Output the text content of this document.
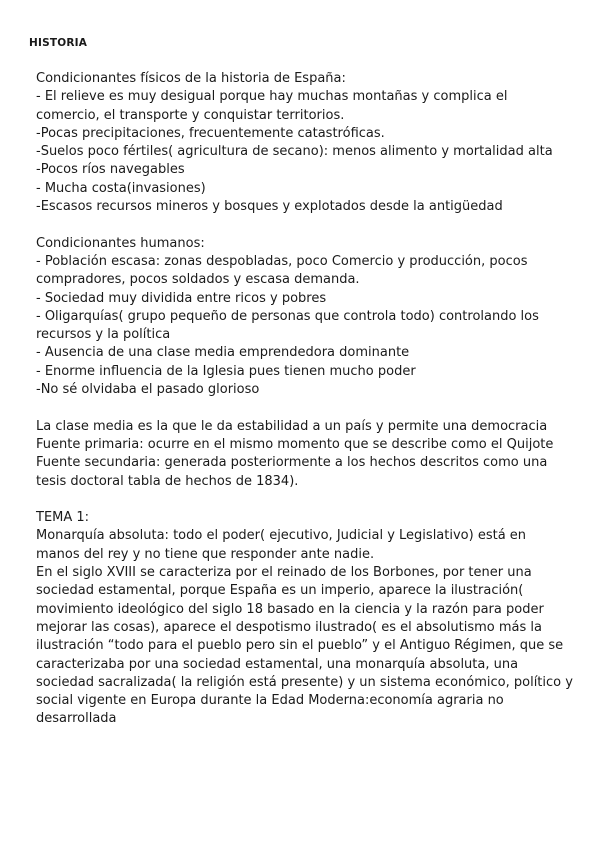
HISTORIA
Condicionantes físicos de la historia de España:
- El relieve es muy desigual porque hay muchas montañas y complica el
comercio, el transporte y conquistar territorios.
-Pocas precipitaciones, frecuentemente catastróficas.
-Suelos poco fértiles( agricultura de secano): menos alimento y mortalidad alta
-Pocos ríos navegables
- Mucha costa(invasiones)
-Escasos recursos mineros y bosques y explotados desde la antigüedad
Condicionantes humanos:
- Población escasa: zonas despobladas, poco Comercio y producción, pocos
compradores, pocos soldados y escasa demanda.
- Sociedad muy dividida entre ricos y pobres
- Oligarquías( grupo pequeño de personas que controla todo) controlando los
recursos y la política
- Ausencia de una clase media emprendedora dominante
- Enorme influencia de la Iglesia pues tienen mucho poder
-No sé olvidaba el pasado glorioso
La clase media es la que le da estabilidad a un país y permite una democracia
Fuente primaria: ocurre en el mismo momento que se describe como el Quijote
Fuente secundaria: generada posteriormente a los hechos descritos como una
tesis doctoral tabla de hechos de 1834).
TEMA 1:
Monarquía absoluta: todo el poder( ejecutivo, Judicial y Legislativo) está en
manos del rey y no tiene que responder ante nadie.
En el siglo XVIII se caracteriza por el reinado de los Borbones, por tener una
sociedad estamental, porque España es un imperio, aparece la ilustración(
movimiento ideológico del siglo 18 basado en la ciencia y la razón para poder
mejorar las cosas), aparece el despotismo ilustrado( es el absolutismo más la
ilustración “todo para el pueblo pero sin el pueblo” y el Antiguo Régimen, que se
caracterizaba por una sociedad estamental, una monarquía absoluta, una
sociedad sacralizada( la religión está presente) y un sistema económico, político y
social vigente en Europa durante la Edad Moderna:economía agraria no
desarrollada
